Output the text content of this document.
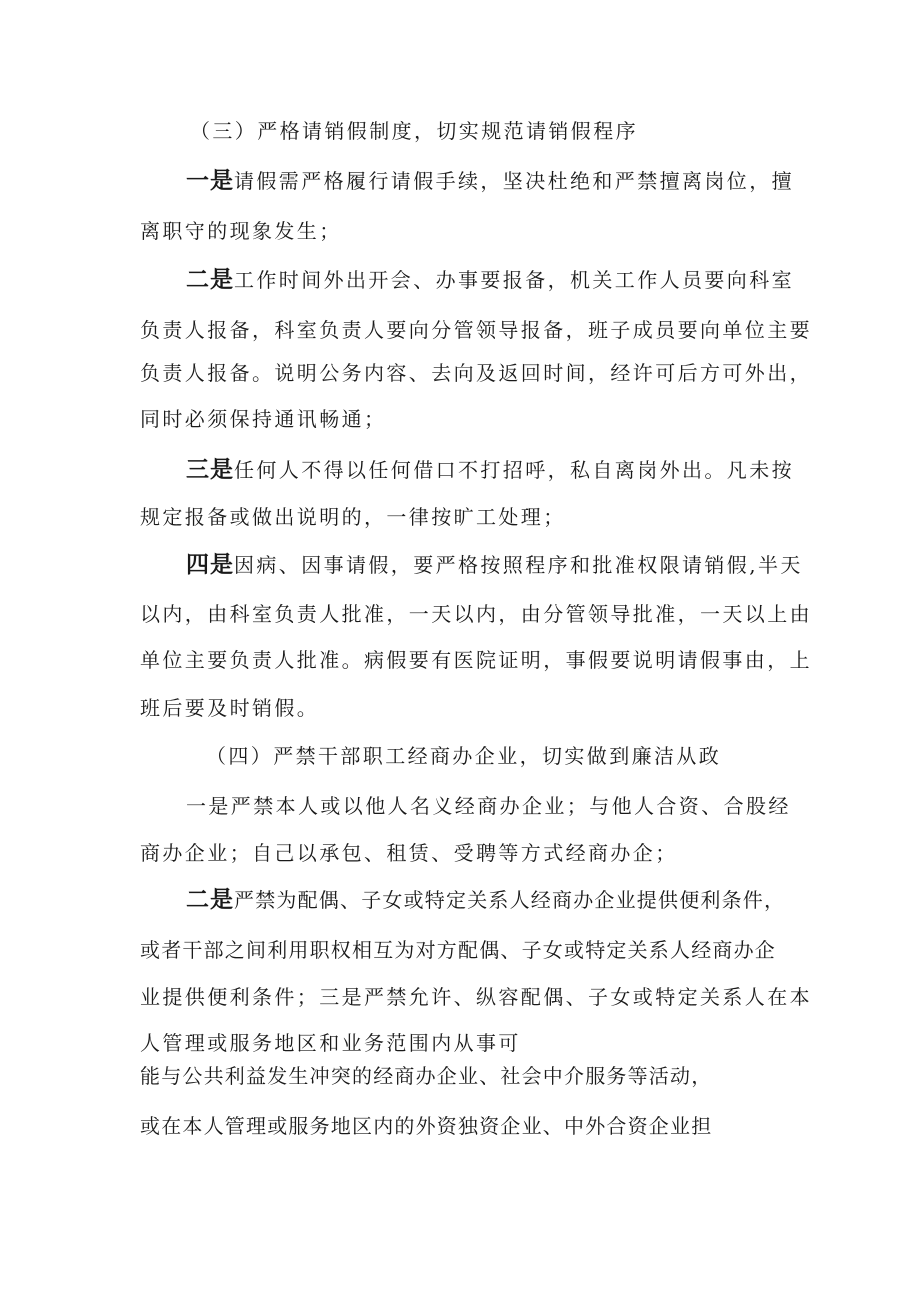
（三）严格请销假制度，切实规范请销假程序
一是请假需严格履行请假手续，坚决杜绝和严禁擅离岗位，擅
离职守的现象发生；
二是工作时间外出开会、办事要报备，机关工作人员要向科室
负责人报备，科室负责人要向分管领导报备，班子成员要向单位主要
负责人报备。说明公务内容、去向及返回时间，经许可后方可外出，
同时必须保持通讯畅通；
三是任何人不得以任何借口不打招呼，私自离岗外出。凡未按
规定报备或做出说明的，一律按旷工处理；
四是因病、因事请假，要严格按照程序和批准权限请销假,半天
以内，由科室负责人批准，一天以内，由分管领导批准，一天以上由
单位主要负责人批准。病假要有医院证明，事假要说明请假事由，上
班后要及时销假。
（四）严禁干部职工经商办企业，切实做到廉洁从政
一是严禁本人或以他人名义经商办企业；与他人合资、合股经
商办企业；自己以承包、租赁、受聘等方式经商办企；
二是严禁为配偶、子女或特定关系人经商办企业提供便利条件，
或者干部之间利用职权相互为对方配偶、子女或特定关系人经商办企
业提供便利条件；三是严禁允许、纵容配偶、子女或特定关系人在本
人管理或服务地区和业务范围内从事可
能与公共利益发生冲突的经商办企业、社会中介服务等活动，
或在本人管理或服务地区内的外资独资企业、中外合资企业担
